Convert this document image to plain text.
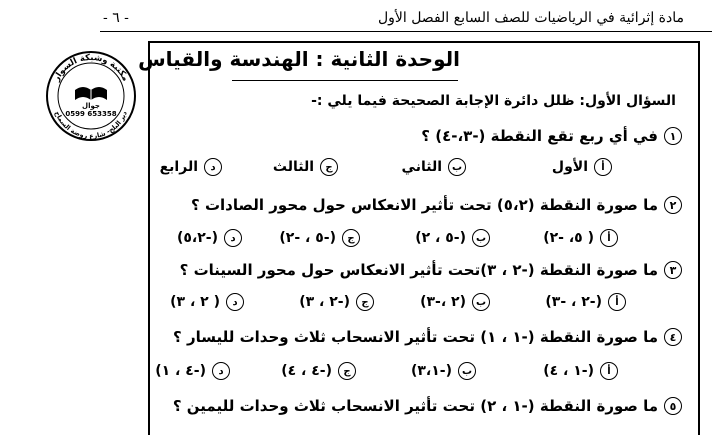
مادة إثرائية في الرياضيات للصف السابع الفصل الأول
- ٦ -
مكتبة وشبكة السوار
دير البلح- شارع روضة السماح
جوال
0599 653358
الوحدة الثانية : الهندسة والقياس
السؤال الأول: ظلل دائرة الإجابة الصحيحة فيما يلي :-
١
في أي ربع تقع النقطة (-٣،-٤) ؟
أ
الأول
ب
الثاني
ج
الثالث
د
الرابع
٢
ما صورة النقطة (٥،٢) تحت تأثير الانعكاس حول محور الصادات ؟
أ
( ٥، -٢)
ب
(-٥ ، ٢)
ج
(-٥ ، -٢)
د
(-٥،٢)
٣
ما صورة النقطة (-٢ ، ٣)تحت تأثير الانعكاس حول محور السينات ؟
أ
(-٢ ، -٣)
ب
(٢ ،-٣)
ج
(-٢ ، ٣)
د
( ٢ ، ٣)
٤
ما صورة النقطة (-١ ، ١) تحت تأثير الانسحاب ثلاث وحدات لليسار ؟
أ
(-١ ، ٤)
ب
(-٣،١)
ج
(-٤ ، ٤)
د
(-٤ ، ١)
٥
ما صورة النقطة (-١ ، ٢) تحت تأثير الانسحاب ثلاث وحدات لليمين ؟
